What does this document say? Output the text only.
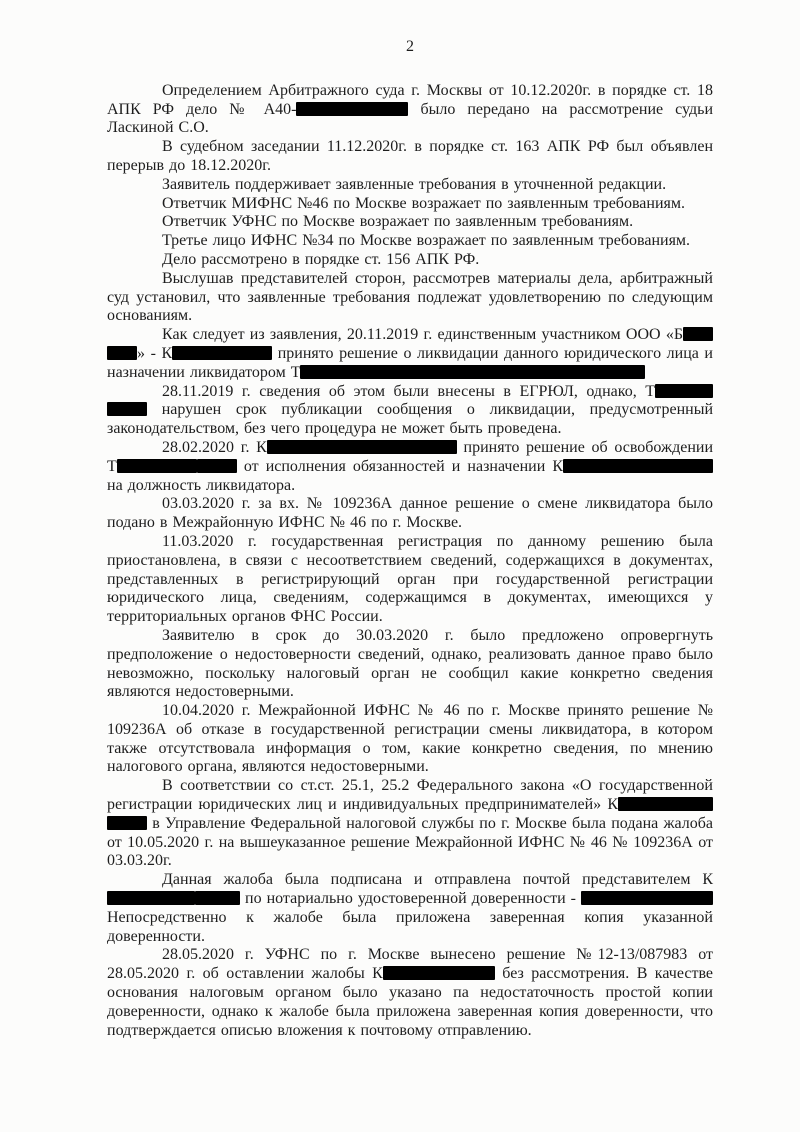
2

Определением Арбитражного суда г. Москвы от 10.12.2020г. в порядке ст. 18 АПК РФ дело № А40-	было передано на рассмотрение судьи Ласкиной С.О.

В судебном заседании 11.12.2020г. в порядке ст. 163 АПК РФ был объявлен перерыв до 18.12.2020г.

Заявитель поддерживает заявленные требования в уточненной редакции.

Ответчик МИФНС №46 по Москве возражает по заявленным требованиям.

Ответчик УФНС по Москве возражает по заявленным требованиям.

Третье лицо ИФНС №34 по Москве возражает по заявленным требованиям.

Дело рассмотрено в порядке ст. 156 АПК РФ.

Выслушав представителей сторон, рассмотрев материалы дела, арбитражный суд установил, что заявленные требования подлежат удовлетворению по следующим основаниям.

Как следует из заявления, 20.11.2019 г. единственным участником ООО «Б» - К	принято решение о ликвидации данного юридического лица и назначении ликвидатором Т

28.11.2019 г. сведения об этом были внесены в ЕГРЮЛ, однако, Т нарушен срок публикации сообщения о ликвидации, предусмотренный законодательством, без чего процедура не может быть проведена.

28.02.2020 г. К	принято решение об освобождении Т	от исполнения обязанностей и назначении К на должность ликвидатора.

03.03.2020 г. за вх. № 109236А данное решение о смене ликвидатора было подано в Межрайонную ИФНС № 46 по г. Москве.

11.03.2020 г. государственная регистрация по данному решению была приостановлена, в связи с несоответствием сведений, содержащихся в документах, представленных в регистрирующий орган при государственной регистрации юридического лица, сведениям, содержащимся в документах, имеющихся у территориальных органов ФНС России.

Заявителю в срок до 30.03.2020 г. было предложено опровергнуть предположение о недостоверности сведений, однако, реализовать данное право было невозможно, поскольку налоговый орган не сообщил какие конкретно сведения являются недостоверными.

10.04.2020 г. Межрайонной ИФНС № 46 по г. Москве принято решение № 109236А об отказе в государственной регистрации смены ликвидатора, в котором также отсутствовала информация о том, какие конкретно сведения, по мнению налогового органа, являются недостоверными.

В соответствии со ст.ст. 25.1, 25.2 Федерального закона «О государственной регистрации юридических лиц и индивидуальных предпринимателей» К в Управление Федеральной налоговой службы по г. Москве была подана жалоба от 10.05.2020 г. на вышеуказанное решение Межрайонной ИФНС № 46 № 109236А от 03.03.20г.

Данная жалоба была подписана и отправлена почтой представителем К по нотариально удостоверенной доверенности -  Непосредственно к жалобе была приложена заверенная копия указанной доверенности.

28.05.2020 г. УФНС по г. Москве вынесено решение №12-13/087983 от 28.05.2020 г. об оставлении жалобы К	без рассмотрения. В качестве основания налоговым органом было указано па недостаточность простой копии доверенности, однако к жалобе была приложена заверенная копия доверенности, что подтверждается описью вложения к почтовому отправлению.
